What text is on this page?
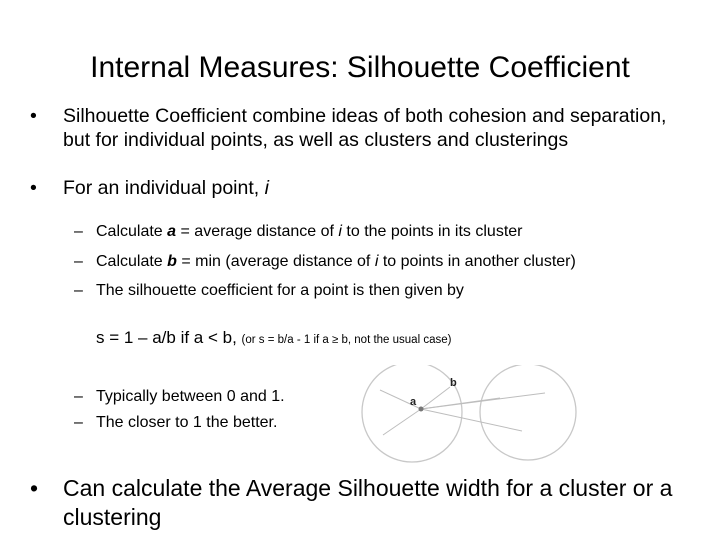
Internal Measures: Silhouette Coefficient
•	Silhouette Coefficient combine ideas of both cohesion and separation, but for individual points, as well as clusters and clusterings
•	For an individual point, i
– Calculate a = average distance of i to the points in its cluster
– Calculate b = min (average distance of i to points in another cluster)
– The silhouette coefficient for a point is then given by
s = 1 – a/b if a < b, (or s = b/a - 1 if a ≥ b, not the usual case)
– Typically between 0 and 1.
– The closer to 1 the better.
a
b
•	Can calculate the Average Silhouette width for a cluster or a clustering
